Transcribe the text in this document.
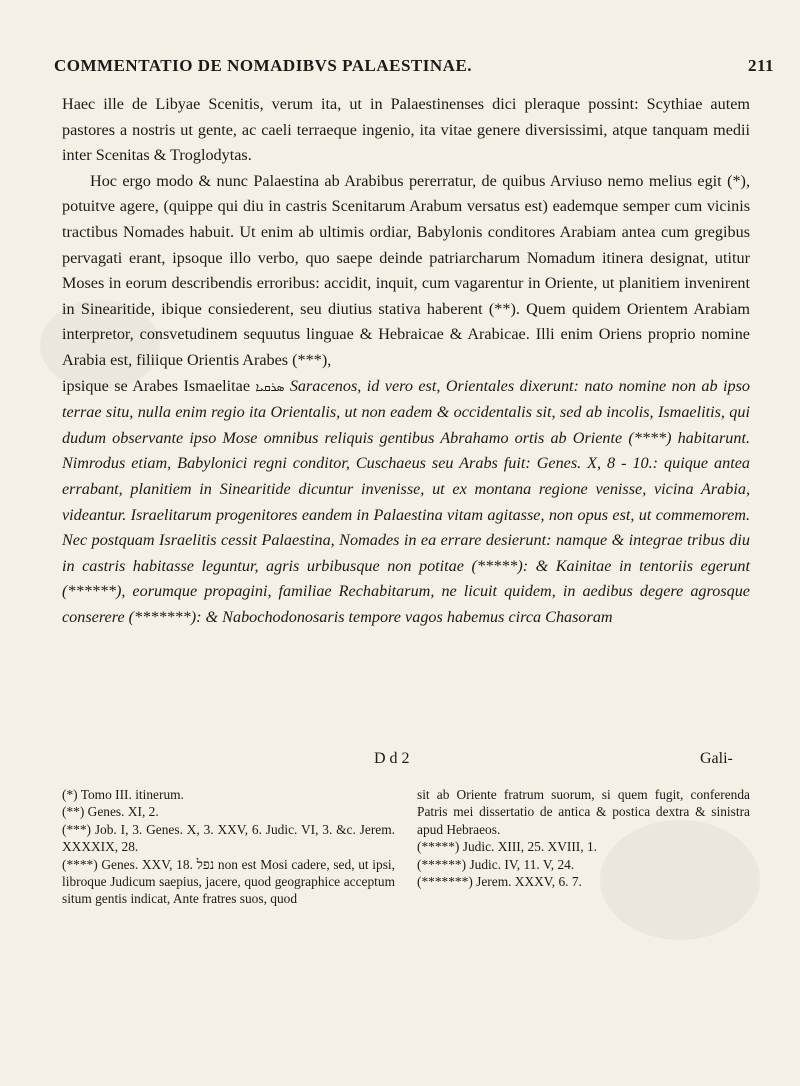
COMMENTATIO DE NOMADIBVS PALAESTINAE.	211

Haec ille de Libyae Scenitis, verum ita, ut in Palaestinenses dici pleraque possint: Scythiae autem pastores a nostris ut gente, ac caeli terraeque ingenio, ita vitae genere diversissimi, atque tanquam medii inter Scenitas & Troglodytas.

Hoc ergo modo & nunc Palaestina ab Arabibus pererratur, de quibus Arviuso nemo melius egit (*), potuitve agere, (quippe qui diu in castris Scenitarum Arabum versatus est) eademque semper cum vicinis tractibus Nomades habuit. Ut enim ab ultimis ordiar, Babylonis conditores Arabiam antea cum gregibus pervagati erant, ipsoque illo verbo, quo saepe deinde patriarcharum Nomadum itinera designat, utitur Moses in eorum describendis erroribus: accidit, inquit, cum vagarentur in Oriente, ut planitiem invenirent in Sinearitide, ibique consiederent, seu diutius stativa haberent (**). Quem quidem Orientem Arabiam interpretor, consvetudinem sequutus linguae & Hebraicae & Arabicae. Illi enim Oriens proprio nomine Arabia est, filiique Orientis Arabes (***),

ipsique se Arabes Ismaelitae ܣܪܩܝܐ Saracenos, id vero est, Orientales dixerunt: nato nomine non ab ipso terrae situ, nulla enim regio ita Orientalis, ut non eadem & occidentalis sit, sed ab incolis, Ismaelitis, qui dudum observante ipso Mose omnibus reliquis gentibus Abrahamo ortis ab Oriente (****) habitarunt. Nimrodus etiam, Babylonici regni conditor, Cuschaeus seu Arabs fuit: Genes. X, 8 - 10.: quique antea errabant, planitiem in Sinearitide dicuntur invenisse, ut ex montana regione venisse, vicina Arabia, videantur. Israelitarum progenitores eandem in Palaestina vitam agitasse, non opus est, ut commemorem. Nec postquam Israelitis cessit Palaestina, Nomades in ea errare desierunt: namque & integrae tribus diu in castris habitasse leguntur, agris urbibusque non potitae (*****): & Kainitae in tentoriis egerunt (******), eorumque propagini, familiae Rechabitarum, ne licuit quidem, in aedibus degere agrosque conserere (*******): & Nabochodonosaris tempore vagos habemus circa Chasoram

D d 2	Gali-
(*) Tomo III. itinerum.
(**) Genes. XI, 2.
(***) Job. I, 3. Genes. X, 3. XXV, 6. Judic. VI, 3. &c. Jerem. XXXXIX, 28.
(****) Genes. XXV, 18. נפל non est Mosi cadere, sed, ut ipsi, libroque Judicum saepius, jacere, quod geographice acceptum situm gentis indicat, Ante fratres suos, quod
sit ab Oriente fratrum suorum, si quem fugit, conferenda Patris mei dissertatio de antica & postica dextra & sinistra apud Hebraeos.
(*****) Judic. XIII, 25. XVIII, 1.
(******) Judic. IV, 11. V, 24.
(*******) Jerem. XXXV, 6. 7.
